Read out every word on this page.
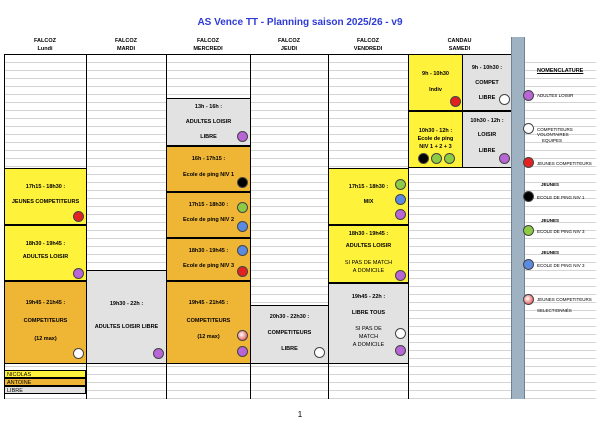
AS Vence TT - Planning saison 2025/26 - v9
FALCOZ
Lundi
FALCOZ
MARDI
FALCOZ
MERCREDI
FALCOZ
JEUDI
FALCOZ
VENDREDI
CANDAU
SAMEDI
17h15 - 18h30 :
JEUNES COMPETITEURS
18h30 - 19h45 :
ADULTES LOISIR
19h45 - 21h45 :
COMPETITEURS
(12 max)
19h30 - 22h :
ADULTES LOISIR LIBRE
13h - 16h :
ADULTES LOISIR
LIBRE
16h - 17h15 :
Ecole de ping NIV 1
17h15 - 18h30 :
Ecole de ping NIV 2
18h30 - 19h45 :
Ecole de ping NIV 3
19h45 - 21h45 :
COMPETITEURS
(12 max)
20h30 - 22h30 :
COMPETITEURS
LIBRE
17h15 - 18h30 :
MIX
18h30 - 19h45 :
ADULTES LOISIR
SI PAS DE MATCH
A DOMICILE
19h45 - 22h :
LIBRE TOUS
SI PAS DE
MATCH
A DOMICILE
9h - 10h30
Indiv
9h - 10h30 :
COMPET
LIBRE
10h30 - 12h :
Ecole de ping
NIV 1 + 2 + 3
10h30 - 12h :
LOISIR
LIBRE
NOMENCLATURE
ADULTES LOISIR
COMPETITEURS VOLONTAIRES
EQUIPES
JEUNES COMPETITEURS
JEUNES
ECOLE DE PING NIV 1
JEUNES
ECOLE DE PING NIV 3
JEUNES
ECOLE DE PING NIV 3
JEUNES COMPETITEURS
SELECTIONNÉS
NICOLAS
ANTOINE
LIBRE
1
